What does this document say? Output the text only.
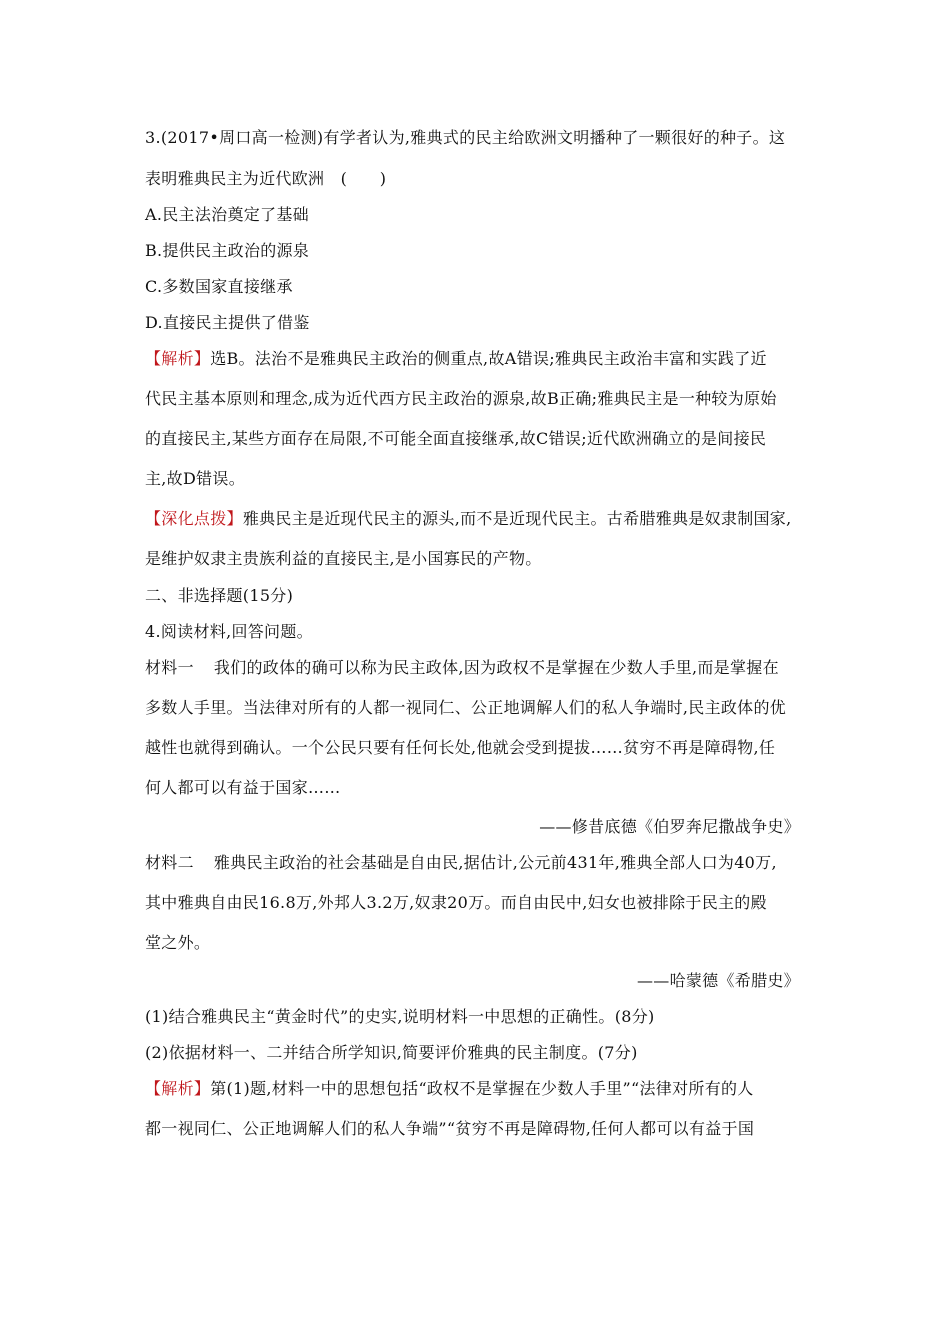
3.(2017•周口高一检测)有学者认为,雅典式的民主给欧洲文明播种了一颗很好的种子。这
表明雅典民主为近代欧洲　(　　)
A.民主法治奠定了基础
B.提供民主政治的源泉
C.多数国家直接继承
D.直接民主提供了借鉴
【解析】选B。法治不是雅典民主政治的侧重点,故A错误;雅典民主政治丰富和实践了近
代民主基本原则和理念,成为近代西方民主政治的源泉,故B正确;雅典民主是一种较为原始
的直接民主,某些方面存在局限,不可能全面直接继承,故C错误;近代欧洲确立的是间接民
主,故D错误。
【深化点拨】雅典民主是近现代民主的源头,而不是近现代民主。古希腊雅典是奴隶制国家,
是维护奴隶主贵族利益的直接民主,是小国寡民的产物。
二、非选择题(15分)
4.阅读材料,回答问题。
材料一 我们的政体的确可以称为民主政体,因为政权不是掌握在少数人手里,而是掌握在
多数人手里。当法律对所有的人都一视同仁、公正地调解人们的私人争端时,民主政体的优
越性也就得到确认。一个公民只要有任何长处,他就会受到提拔……贫穷不再是障碍物,任
何人都可以有益于国家……
——修昔底德《伯罗奔尼撒战争史》
材料二 雅典民主政治的社会基础是自由民,据估计,公元前431年,雅典全部人口为40万,
其中雅典自由民16.8万,外邦人3.2万,奴隶20万。而自由民中,妇女也被排除于民主的殿
堂之外。
——哈蒙德《希腊史》
(1)结合雅典民主“黄金时代”的史实,说明材料一中思想的正确性。(8分)
(2)依据材料一、二并结合所学知识,简要评价雅典的民主制度。(7分)
【解析】第(1)题,材料一中的思想包括“政权不是掌握在少数人手里”“法律对所有的人
都一视同仁、公正地调解人们的私人争端”“贫穷不再是障碍物,任何人都可以有益于国
